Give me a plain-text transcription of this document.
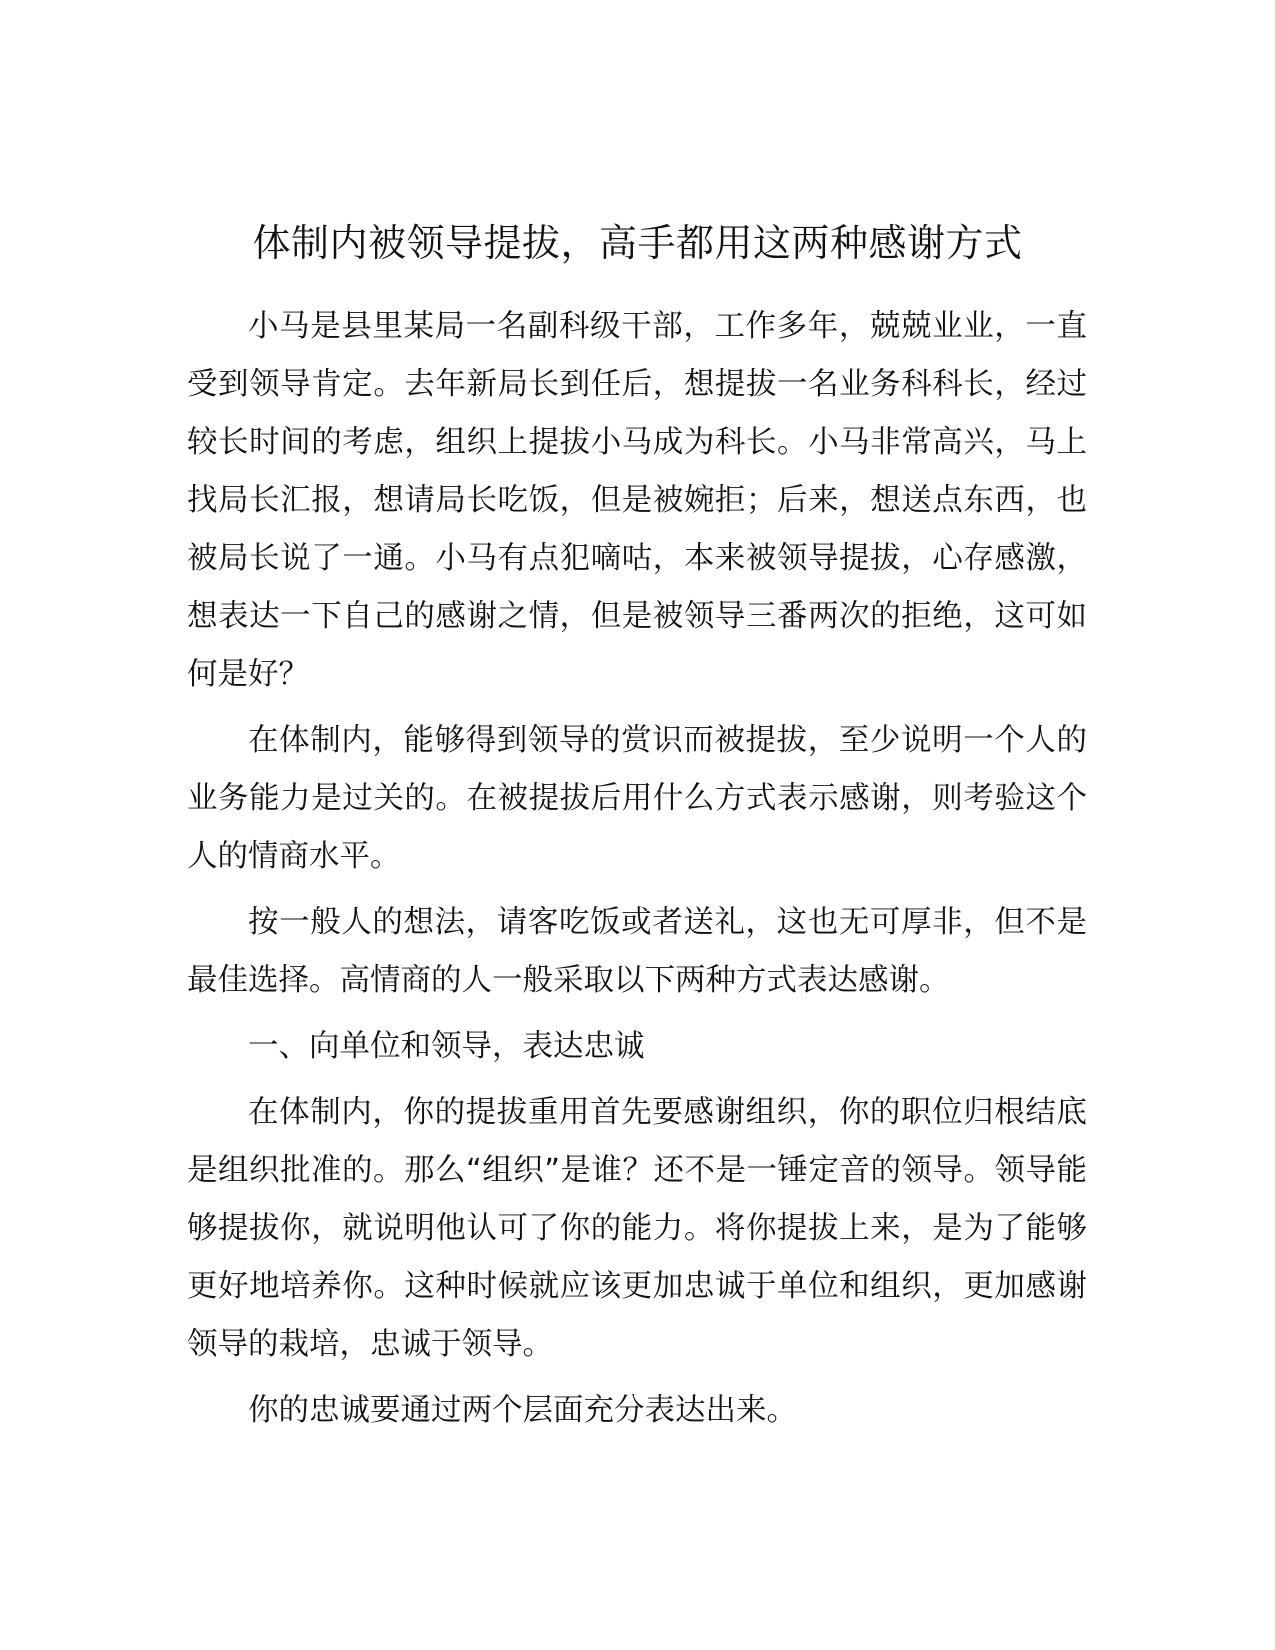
体制内被领导提拔，高手都用这两种感谢方式

小马是县里某局一名副科级干部，工作多年，兢兢业业，一直受到领导肯定。去年新局长到任后，想提拔一名业务科科长，经过较长时间的考虑，组织上提拔小马成为科长。小马非常高兴，马上找局长汇报，想请局长吃饭，但是被婉拒；后来，想送点东西，也被局长说了一通。小马有点犯嘀咕，本来被领导提拔，心存感激，想表达一下自己的感谢之情，但是被领导三番两次的拒绝，这可如何是好？

在体制内，能够得到领导的赏识而被提拔，至少说明一个人的业务能力是过关的。在被提拔后用什么方式表示感谢，则考验这个人的情商水平。

按一般人的想法，请客吃饭或者送礼，这也无可厚非，但不是最佳选择。高情商的人一般采取以下两种方式表达感谢。

一、向单位和领导，表达忠诚

在体制内，你的提拔重用首先要感谢组织，你的职位归根结底是组织批准的。那么“组织”是谁？还不是一锤定音的领导。领导能够提拔你，就说明他认可了你的能力。将你提拔上来，是为了能够更好地培养你。这种时候就应该更加忠诚于单位和组织，更加感谢领导的栽培，忠诚于领导。

你的忠诚要通过两个层面充分表达出来。
